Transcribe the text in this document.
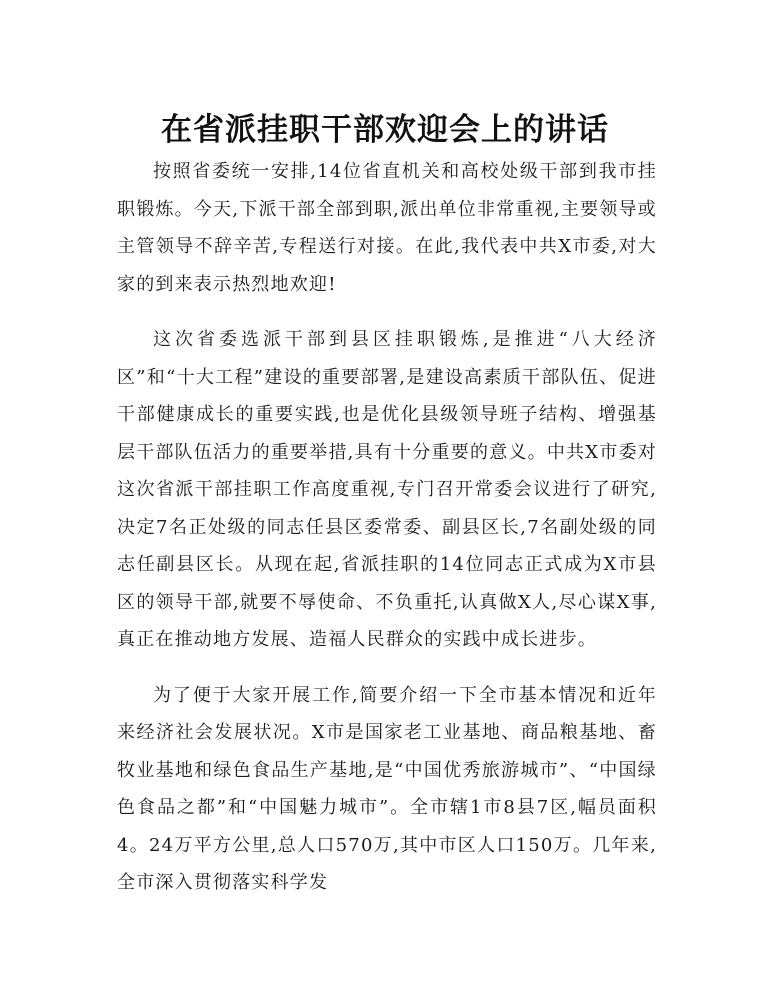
在省派挂职干部欢迎会上的讲话

按照省委统一安排,14位省直机关和高校处级干部到我市挂职锻炼。今天,下派干部全部到职,派出单位非常重视,主要领导或主管领导不辞辛苦,专程送行对接。在此,我代表中共X市委,对大家的到来表示热烈地欢迎!

这次省委选派干部到县区挂职锻炼,是推进“八大经济区”和“十大工程”建设的重要部署,是建设高素质干部队伍、促进干部健康成长的重要实践,也是优化县级领导班子结构、增强基层干部队伍活力的重要举措,具有十分重要的意义。中共X市委对这次省派干部挂职工作高度重视,专门召开常委会议进行了研究,决定7名正处级的同志任县区委常委、副县区长,7名副处级的同志任副县区长。从现在起,省派挂职的14位同志正式成为X市县区的领导干部,就要不辱使命、不负重托,认真做X人,尽心谋X事,真正在推动地方发展、造福人民群众的实践中成长进步。

为了便于大家开展工作,简要介绍一下全市基本情况和近年来经济社会发展状况。X市是国家老工业基地、商品粮基地、畜牧业基地和绿色食品生产基地,是“中国优秀旅游城市”、“中国绿色食品之都”和“中国魅力城市”。全市辖1市8县7区,幅员面积4。24万平方公里,总人口570万,其中市区人口150万。几年来,全市深入贯彻落实科学发
